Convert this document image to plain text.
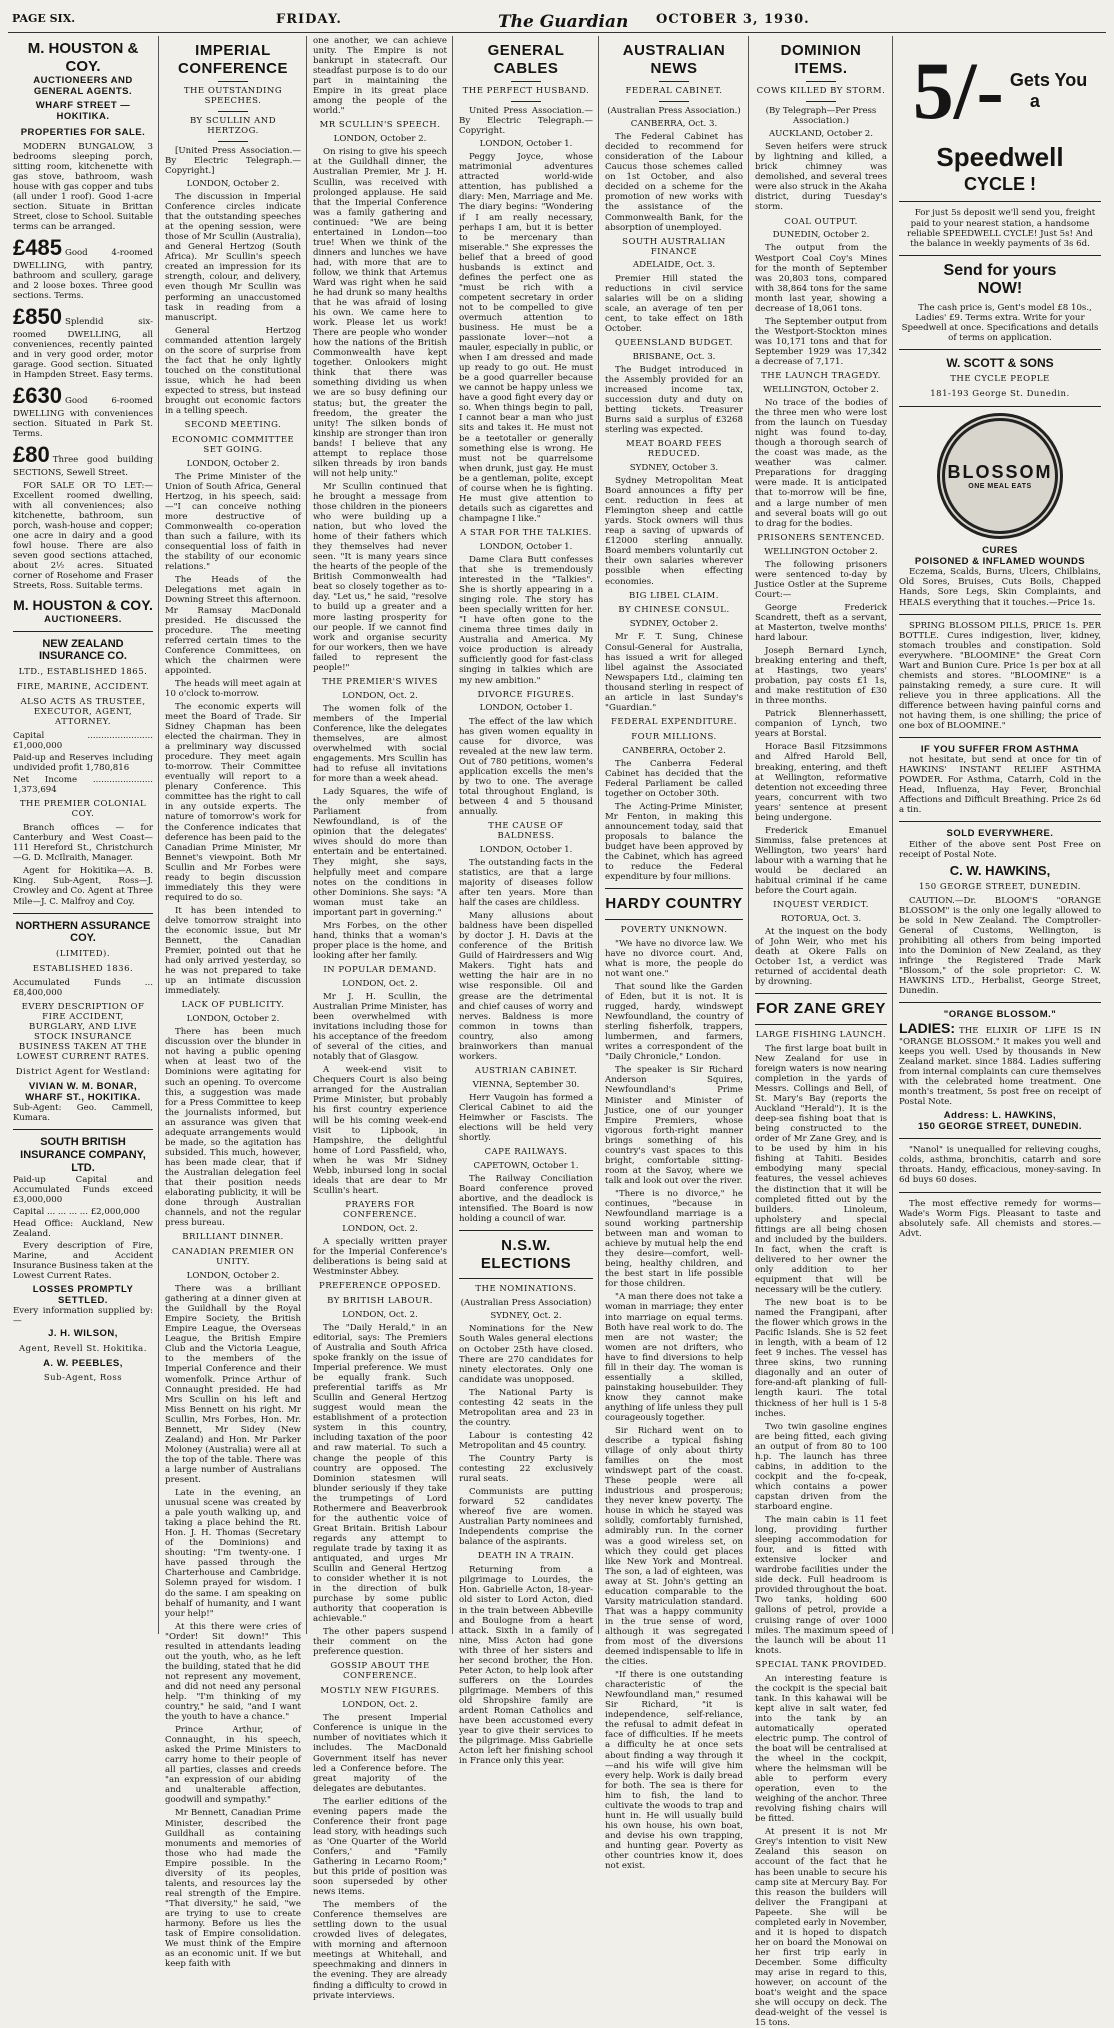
PAGE SIX.	FRIDAY.	The Guardian OCTOBER 3, 1930.
M. HOUSTON & COY.
AUCTIONEERS AND GENERAL AGENTS.
WHARF STREET — HOKITIKA.
PROPERTIES FOR SALE.

MODERN BUNGALOW, 3 bedrooms sleeping porch, sitting room, kitchenette with gas stove, bathroom, wash house with gas copper and tubs (all under 1 roof). Good 1-acre section. Situate in Brittan Street, close to School. Suitable terms can be arranged.

£485 Good 4-roomed DWELLING, with pantry, bathroom and scullery, garage and 2 loose boxes. Three good sections. Terms.

£850 Splendid six-roomed DWELLING, all conveniences, recently painted and in very good order, motor garage. Good section. Situated in Hampden Street. Easy terms.

£630 Good 6-roomed DWELLING with conveniences section. Situated in Park St. Terms.

£80 Three good building SECTIONS, Sewell Street.

FOR SALE OR TO LET:—Excellent roomed dwelling, with all conveniences; also kitchenette, bathroom, sun porch, wash-house and copper; one acre in dairy and a good fowl house. There are also seven good sections attached, about 2½ acres. Situated corner of Rosehome and Fraser Streets, Ross. Suitable terms.

M. HOUSTON & COY.
AUCTIONEERS.
NEW ZEALAND INSURANCE CO.
LTD., ESTABLISHED 1865.
FIRE, MARINE, ACCIDENT.
ALSO ACTS AS TRUSTEE, EXECUTOR, AGENT, ATTORNEY.

Capital ........................ £1,000,000

Paid-up and Reserves including undivided profit 1,780,816

Net Income ...................... 1,373,694

THE PREMIER COLONIAL COY.

Branch offices — for Canterbury and West Coast—111 Hereford St., Christchurch—G. D. McIlraith, Manager.

Agent for Hokitika—A. B. King. Sub-Agent, Ross—J. Crowley and Co. Agent at Three Mile—J. C. Malfroy and Coy.

NORTHERN ASSURANCE COY.
(LIMITED).
ESTABLISHED 1836.

Accumulated Funds ... £8,400,000

EVERY DESCRIPTION OF FIRE ACCIDENT, BURGLARY, AND LIVE STOCK INSURANCE BUSINESS TAKEN AT THE LOWEST CURRENT RATES.
District Agent for Westland:
VIVIAN W. M. BONAR,
WHARF ST., HOKITIKA.

Sub-Agent: Geo. Cammell, Kumara.

SOUTH BRITISH INSURANCE COMPANY, LTD.

Paid-up Capital and Accumulated Funds exceed £3,000,000

Capital ... ... ... ... £2,000,000

Head Office: Auckland, New Zealand.

Every description of Fire, Marine, and Accident Insurance Business taken at the Lowest Current Rates.

LOSSES PROMPTLY SETTLED.

Every information supplied by:—

J. H. WILSON,
Agent, Revell St. Hokitika.
A. W. PEEBLES,
Sub-Agent, Ross
IMPERIAL CONFERENCE
THE OUTSTANDING SPEECHES.
BY SCULLIN AND HERTZOG.

[United Press Association.—By Electric Telegraph.—Copyright.]

LONDON, October 2.

The discussion in Imperial Conference circles indicate that the outstanding speeches at the opening session, were those of Mr Scullin (Australia), and General Hertzog (South Africa). Mr Scullin's speech created an impression for its strength, colour, and delivery, even though Mr Scullin was performing an unaccustomed task in reading from a manuscript.

General Hertzog commanded attention largely on the score of surprise from the fact that he only lightly touched on the constitutional issue, which he had been expected to stress, but instead brought out economic factors in a telling speech.

SECOND MEETING.
ECONOMIC COMMITTEE SET GOING.

LONDON, October 2.

The Prime Minister of the Union of South Africa, General Hertzog, in his speech, said:—"I can conceive nothing more destructive of Commonwealth co-operation than such a failure, with its consequential loss of faith in the stability of our economic relations."

The Heads of the Delegations met again in Downing Street this afternoon. Mr Ramsay MacDonald presided. He discussed the procedure. The meeting referred certain times to the Conference Committees, on which the chairmen were appointed.

The heads will meet again at 10 o'clock to-morrow.

The economic experts will meet the Board of Trade. Sir Sidney Chapman has been elected the chairman. They in a preliminary way discussed procedure. They meet again to-morrow. Their Committee eventually will report to a plenary Conference. This committee has the right to call in any outside experts. The nature of tomorrow's work for the Conference indicates that deference has been paid to the Canadian Prime Minister, Mr Bennet's viewpoint. Both Mr Scullin and Mr Forbes were ready to begin discussion immediately this they were required to do so.

It has been intended to delve tomorrow straight into the economic issue, but Mr Bennett, the Canadian Premier, pointed out that he had only arrived yesterday, so he was not prepared to take up an intimate discussion immediately.

LACK OF PUBLICITY.

LONDON, October 2.

There has been much discussion over the blunder in not having a public opening when at least two of the Dominions were agitating for such an opening. To overcome this, a suggestion was made for a Press Committee to keep the journalists informed, but an assurance was given that adequate arrangements would be made, so the agitation has subsided. This much, however, has been made clear, that if the Australian delegation feel that their position needs elaborating publicity, it will be done through Australian channels, and not the regular press bureau.

BRILLIANT DINNER.
CANADIAN PREMIER ON UNITY.

LONDON, October 2.

There was a brilliant gathering at a dinner given at the Guildhall by the Royal Empire Society, the British Empire League, the Overseas League, the British Empire Club and the Victoria League, to the members of the Imperial Conference and their womenfolk. Prince Arthur of Connaught presided. He had Mrs Scullin on his left and Miss Bennett on his right. Mr Scullin, Mrs Forbes, Hon. Mr. Bennett, Mr Sidey (New Zealand) and Hon. Mr Parker Moloney (Australia) were all at the top of the table. There was a large number of Australians present.

Late in the evening, an unusual scene was created by a pale youth walking up, and taking a place behind the Rt. Hon. J. H. Thomas (Secretary of the Dominions) and shouting: "I'm twenty-one. I have passed through the Charterhouse and Cambridge. Solemn prayed for wisdom. I do the same. I am speaking on behalf of humanity, and I want your help!"

At this there were cries of "Order! Sit down!" This resulted in attendants leading out the youth, who, as he left the building, stated that he did not represent any movement, and did not need any personal help. "I'm thinking of my country," he said, "and I want the youth to have a chance."

Prince Arthur, of Connaught, in his speech, asked the Prime Ministers to carry home to their people of all parties, classes and creeds "an expression of our abiding and unalterable affection, goodwill and sympathy."

Mr Bennett, Canadian Prime Minister, described the Guildhall as containing monuments and memories of those who had made the Empire possible. In the diversity of its peoples, talents, and resources lay the real strength of the Empire. "That diversity," he said, "we are trying to use to create harmony. Before us lies the task of Empire consolidation. We must think of the Empire as an economic unit. If we but keep faith with

one another, we can achieve unity. The Empire is not bankrupt in statecraft. Our steadfast purpose is to do our part in maintaining the Empire in its great place among the people of the world."

MR SCULLIN'S SPEECH.

LONDON, October 2.

On rising to give his speech at the Guildhall dinner, the Australian Premier, Mr J. H. Scullin, was received with prolonged applause. He said that the Imperial Conference was a family gathering and continued: "We are being entertained in London—too true! When we think of the dinners and lunches we have had, with more that are to follow, we think that Artemus Ward was right when he said he had drunk so many healths that he was afraid of losing his own. We came here to work. Please let us work! There are people who wonder how the nations of the British Commonwealth have kept together. Onlookers might think that there was something dividing us when we are so busy defining our status; but, the greater the freedom, the greater the unity! The silken bonds of kinship are stronger than iron bands! I believe that any attempt to replace those silken threads by iron bands will not help unity."

Mr Scullin continued that he brought a message from those children in the pioneers who were building up a nation, but who loved the home of their fathers which they themselves had never seen. "It is many years since the hearts of the people of the British Commonwealth had beat so closely together as to-day. "Let us," he said, "resolve to build up a greater and a more lasting prosperity for our people. If we cannot find work and organise security for our workers, then we have failed to represent the people!"

THE PREMIER'S WIVES

LONDON, Oct. 2.

The women folk of the members of the Imperial Conference, like the delegates themselves, are almost overwhelmed with social engagements. Mrs Scullin has had to refuse all invitations for more than a week ahead.

Lady Squares, the wife of the only member of Parliament from Newfoundland, is of the opinion that the delegates' wives should do more than entertain and be entertained. They might, she says, helpfully meet and compare notes on the conditions in other Dominions. She says: "A woman must take an important part in governing."

Mrs Forbes, on the other hand, thinks that a woman's proper place is the home, and looking after her family.

IN POPULAR DEMAND.

LONDON, Oct. 2.

Mr J. H. Scullin, the Australian Prime Minister, has been overwhelmed with invitations including those for his acceptance of the freedom of several of the cities, and notably that of Glasgow.

A week-end visit to Chequers Court is also being arranged for the Australian Prime Minister, but probably his first country experience will be his coming week-end visit to Lipbook, in Hampshire, the delightful home of Lord Passfield, who, when he was Mr Sidney Webb, inbursed long in social ideals that are dear to Mr Scullin's heart.

PRAYERS FOR CONFERENCE.

LONDON, Oct. 2.

A specially written prayer for the Imperial Conference's deliberations is being said at Westminster Abbey.

PREFERENCE OPPOSED.
BY BRITISH LABOUR.

LONDON, Oct. 2.

The "Daily Herald," in an editorial, says: The Premiers of Australia and South Africa spoke frankly on the issue of Imperial preference. We must be equally frank. Such preferential tariffs as Mr Scullin and General Hertzog suggest would mean the establishment of a protection system in this country, including taxation of the poor and raw material. To such a change the people of this country are opposed. The Dominion statesmen will blunder seriously if they take the trumpetings of Lord Rothermere and Beaverbrook for the authentic voice of Great Britain. British Labour regards any attempt to regulate trade by taxing it as antiquated, and urges Mr Scullin and General Hertzog to consider whether it is not in the direction of bulk purchase by some public authority that cooperation is achievable."

The other papers suspend their comment on the preference question.

GOSSIP ABOUT THE CONFERENCE.
MOSTLY NEW FIGURES.

LONDON, Oct. 2.

The present Imperial Conference is unique in the number of novitiates which it includes. The MacDonald Government itself has never led a Conference before. The great majority of the delegates are debutantes.

The earlier editions of the evening papers made the Conference their front page lead story, with headings such as 'One Quarter of the World Confers,' and "Family Gathering in Lecarno Room;" but this pride of position was soon superseded by other news items.

The members of the Conference themselves are settling down to the usual crowded lives of delegates, with morning and afternoon meetings at Whitehall, and speechmaking and dinners in the evening. They are already finding a difficulty to crowd in private interviews.

GENERAL CABLES
THE PERFECT HUSBAND.

United Press Association.—By Electric Telegraph.—Copyright.

LONDON, October 1.

Peggy Joyce, whose matrimonial adventures attracted world-wide attention, has published a diary: Men, Marriage and Me. The diary begins: "Wondering if I am really necessary, perhaps I am, but it is better to be mercenary than miserable." She expresses the belief that a breed of good husbands is extinct and defines the perfect one as "must be rich with a competent secretary in order not to be compelled to give overmuch attention to business. He must be a passionate lover—not a mauler, especially in public, or when I am dressed and made up ready to go out. He must be a good quarreller because we cannot be happy unless we have a good fight every day or so. When things begin to pall, I cannot bear a man who just sits and takes it. He must not be a teetotaller or generally something else is wrong. He must not be quarrelsome when drunk, just gay. He must be a gentleman, polite, except of course when he is fighting. He must give attention to details such as cigarettes and champagne I like."

A STAR FOR THE TALKIES.

LONDON, October 1.

Dame Clara Butt confesses that she is tremendously interested in the "Talkies". She is shortly appearing in a singing role. The story has been specially written for her. "I have often gone to the cinema three times daily in Australia and America. My voice production is already sufficiently good for fast-class singing in talkies which are my new ambition."

DIVORCE FIGURES.

LONDON, October 1.

The effect of the law which has given women equality in cause for divorce, was revealed at the new law term. Out of 780 petitions, women's application excells the men's by two to one. The average total throughout England, is between 4 and 5 thousand annually.

THE CAUSE OF BALDNESS.

LONDON, October 1.

The outstanding facts in the statistics, are that a large majority of diseases follow after ten years. More than half the cases are childless.

Many allusions about baldness have been dispelled by doctor J. H. Davis at the conference of the British Guild of Hairdressers and Wig Makers. Tight hats and wetting the hair are in no wise responsible. Oil and grease are the detrimental and chief causes of worry and nerves. Baldness is more common in towns than country, also among brainworkers than manual workers.

AUSTRIAN CABINET.

VIENNA, September 30.

Herr Vaugoin has formed a Clerical Cabinet to aid the Heimwher or Fascists. The elections will be held very shortly.

CAPE RAILWAYS.

CAPETOWN, October 1.

The Railway Conciliation Board conference proved abortive, and the deadlock is intensified. The Board is now holding a council of war.

N.S.W. ELECTIONS
THE NOMINATIONS.

(Australian Press Association)

SYDNEY, Oct. 2.

Nominations for the New South Wales general elections on October 25th have closed. There are 270 candidates for ninety electorates. Only one candidate was unopposed.

The National Party is contesting 42 seats in the Metropolitan area and 23 in the country.

Labour is contesting 42 Metropolitan and 45 country.

The Country Party is contesting 22 exclusively rural seats.

Communists are putting forward 52 candidates whereof five are women. Australian Party nominees and Independents comprise the balance of the aspirants.

DEATH IN A TRAIN.

Returning from a pilgrimage to Lourdes, the Hon. Gabrielle Acton, 18-year-old sister to Lord Acton, died in the train between Abbeville and Boulogne from a heart attack. Sixth in a family of nine, Miss Acton had gone with three of her sisters and her second brother, the Hon. Peter Acton, to help look after sufferers on the Lourdes pilgrimage. Members of this old Shropshire family are ardent Roman Catholics and have been accustomed every year to give their services to the pilgrimage. Miss Gabrielle Acton left her finishing school in France only this year.

AUSTRALIAN NEWS
FEDERAL CABINET.

(Australian Press Association.)

CANBERRA, Oct. 3.

The Federal Cabinet has decided to recommend for consideration of the Labour Caucus those schemes called on 1st October, and also decided on a scheme for the promotion of new works with the assistance of the Commonwealth Bank, for the absorption of unemployed.

SOUTH AUSTRALIAN FINANCE

ADELAIDE, Oct. 3.

Premier Hill stated the reductions in civil service salaries will be on a sliding scale, an average of ten per cent, to take effect on 18th October.

QUEENSLAND BUDGET.

BRISBANE, Oct. 3.

The Budget introduced in the Assembly provided for an increased income tax, succession duty and duty on betting tickets. Treasurer Burns said a surplus of £3268 sterling was expected.

MEAT BOARD FEES REDUCED.

SYDNEY, October 3.

Sydney Metropolitan Meat Board announces a fifty per cent. reduction in fees at Flemington sheep and cattle yards. Stock owners will thus reap a saving of upwards of £12000 sterling annually. Board members voluntarily cut their own salaries wherever possible when effecting economies.

BIG LIBEL CLAIM.
BY CHINESE CONSUL.

SYDNEY, October 2.

Mr F. T. Sung, Chinese Consul-General for Australia, has issued a writ for alleged libel against the Associated Newspapers Ltd., claiming ten thousand sterling in respect of an article in last Sunday's "Guardian."

FEDERAL EXPENDITURE.
FOUR MILLIONS.

CANBERRA, October 2.

The Canberra Federal Cabinet has decided that the Federal Parliament be called together on October 30th.

The Acting-Prime Minister, Mr Fenton, in making this announcement today, said that proposals to balance the budget have been approved by the Cabinet, which has agreed to reduce the Federal expenditure by four millions.

HARDY COUNTRY
POVERTY UNKNOWN.

"We have no divorce law. We have no divorce court. And, what is more, the people do not want one."

That sound like the Garden of Eden, but it is not. It is rugged, hardy, windswept Newfoundland, the country of sterling fisherfolk, trappers, lumbermen, and farmers, writes a correspondent of the "Daily Chronicle," London.

The speaker is Sir Richard Anderson Squires, Newfoundland's Prime Minister and Minister of Justice, one of our younger Empire Premiers, whose vigorous forth-right manner brings something of his country's vast spaces to this bright, comfortable sitting-room at the Savoy, where we talk and look out over the river.

"There is no divorce," he continues, "because in Newfoundland marriage is a sound working partnership between man and woman to achieve by mutual help the end they desire—comfort, well-being, healthy children, and the best start in life possible for those children.

"A man there does not take a woman in marriage; they enter into marriage on equal terms. Both have real work to do. The men are not waster; the women are not drifters, who have to find diversions to help fill in their day. The woman is essentially a skilled, painstaking housebuilder. They know they cannot make anything of life unless they pull courageously together.

Sir Richard went on to describe a typical fishing village of only about thirty families on the most windswept part of the coast. These people were all industrious and prosperous; they never knew poverty. The house in which he stayed was solidly, comfortably furnished, admirably run. In the corner was a good wireless set, on which they could get places like New York and Montreal. The son, a lad of eighteen, was away at St. John's getting an education comparable to the Varsity matriculation standard. That was a happy community in the true sense of word, although it was segregated from most of the diversions deemed indispensable to life in the cities.

"If there is one outstanding characteristic of the Newfoundland man," resumed Sir Richard, "it is independence, self-reliance, the refusal to admit defeat in face of difficulties. If he meets a difficulty he at once sets about finding a way through it—and his wife will give him every help. Work is daily bread for both. The sea is there for him to fish, the land to cultivate the woods to trap and hunt in. He will usually build his own house, his own boat, and devise his own trapping, and hunting gear. Poverty as other countries know it, does not exist.

DOMINION ITEMS.
COWS KILLED BY STORM.

(By Telegraph—Per Press Association.)

AUCKLAND, October 2.

Seven heifers were struck by lightning and killed, a brick chimney was demolished, and several trees were also struck in the Akaha district, during Tuesday's storm.

COAL OUTPUT.

DUNEDIN, October 2.

The output from the Westport Coal Coy's Mines for the month of September was 20,803 tons, compared with 38,864 tons for the same month last year, showing a decrease of 18,061 tons.

The September output from the Westport-Stockton mines was 10,171 tons and that for September 1929 was 17,342 a decrease of 7,171.

THE LAUNCH TRAGEDY.

WELLINGTON, October 2.

No trace of the bodies of the three men who were lost from the launch on Tuesday night was found to-day, though a thorough search of the coast was made, as the weather was calmer. Preparations for dragging were made. It is anticipated that to-morrow will be fine, and a large number of men and several boats will go out to drag for the bodies.

PRISONERS SENTENCED.

WELLINGTON October 2.

The following prisoners were sentenced to-day by Justice Ostler at the Supreme Court:—

George Frederick Scandrett, theft as a servant, at Masterton, twelve months' hard labour.

Joseph Bernard Lynch, breaking entering and theft, at Hastings, two years' probation, pay costs £1 1s, and make restitution of £30 in three months.

Patrick Blennerhassett, companion of Lynch, two years at Borstal.

Horace Basil Fitzsimmons and Alfred Harold Bell, breaking, entering, and theft at Wellington, reformative detention not exceeding three years, concurrent with two years' sentence at present being undergone.

Frederick Emanuel Simmiss, false pretences at Wellington, two years' hard labour with a warning that he would be declared an habitual criminal if he came before the Court again.

INQUEST VERDICT.

ROTORUA, Oct. 3.

At the inquest on the body of John Weir, who met his death at Okere Falls on October 1st, a verdict was returned of accidental death by drowning.

FOR ZANE GREY
LARGE FISHING LAUNCH.

The first large boat built in New Zealand for use in foreign waters is now nearing completion in the yards of Messrs. Collings and Bell, of St. Mary's Bay (reports the Auckland "Herald"). It is the deep-sea fishing boat that is being constructed to the order of Mr Zane Grey, and is to be used by him in his fishing at Tahiti. Besides embodying many special features, the vessel achieves the distinction that it will be completed fitted out by the builders. Linoleum, upholstery and special fittings are all being chosen and included by the builders. In fact, when the craft is delivered to her owner the only addition to her equipment that will be necessary will be the cutlery.

The new boat is to be named the Frangipani, after the flower which grows in the Pacific Islands. She is 52 feet in length, with a beam of 12 feet 9 inches. The vessel has three skins, two running diagonally and an outer of fore-and-aft planking of full-length kauri. The total thickness of her hull is 1 5-8 inches.

Two twin gasoline engines are being fitted, each giving an output of from 80 to 100 h.p. The launch has three cabins, in addition to the cockpit and the fo-cpeak, which contains a power capstan driven from the starboard engine.

The main cabin is 11 feet long, providing further sleeping accommodation for four, and is fitted with extensive locker and wardrobe facilities under the side deck. Full headroom is provided throughout the boat. Two tanks, holding 600 gallons of petrol, provide a cruising range of over 1000 miles. The maximum speed of the launch will be about 11 knots.

SPECIAL TANK PROVIDED.

An interesting feature is the cockpit is the special bait tank. In this kahawai will be kept alive in salt water, fed into the tank by an automatically operated electric pump. The control of the boat will be centralised at the wheel in the cockpit, where the helmsman will be able to perform every operation, even to the weighing of the anchor. Three revolving fishing chairs will be fitted.

At present it is not Mr Grey's intention to visit New Zealand this season on account of the fact that he has been unable to secure his camp site at Mercury Bay. For this reason the builders will deliver the Frangipani at Papeete. She will be completed early in November, and it is hoped to dispatch her on board the Monowai on her first trip early in December. Some difficulty may arise in regard to this, however, on account of the boat's weight and the space she will occupy on deck. The dead-weight of the vessel is 15 tons.

5/- Gets You
a
Speedwell
CYCLE !

For just 5s deposit we'll send you, freight paid to your nearest station, a handsome reliable SPEEDWELL CYCLE! Just 5s! And the balance in weekly payments of 3s 6d.

Send for yours
NOW!

The cash price is, Gent's model £8 10s., Ladies' £9. Terms extra. Write for your Speedwell at once. Specifications and details of terms on application.

W. SCOTT & SONS
THE CYCLE PEOPLE
181-193 George St. Dunedin.
BLOSSOM
ONE MEAL EATS
CURES
POISONED & INFLAMED WOUNDS

Eczema, Scalds, Burns, Ulcers, Chilblains, Old Sores, Bruises, Cuts Boils, Chapped Hands, Sore Legs, Skin Complaints, and HEALS everything that it touches.—Price 1s.

SPRING BLOSSOM PILLS, PRICE 1s. PER BOTTLE. Cures indigestion, liver, kidney, stomach troubles and constipation. Sold everywhere. "BLOOMINE" the Great Corn Wart and Bunion Cure. Price 1s per box at all chemists and stores. "BLOOMINE" is a painstaking remedy, a sure cure. It will relieve you in three applications. All the difference between having painful corns and not having them, is one shilling; the price of one box of BLOOMINE."

IF YOU SUFFER FROM ASTHMA

not hesitate, but send at once for tin of HAWKINS' INSTANT RELIEF ASTHMA POWDER. For Asthma, Catarrh, Cold in the Head, Influenza, Hay Fever, Bronchial Affections and Difficult Breathing. Price 2s 6d a tin.

SOLD EVERYWHERE.

Either of the above sent Post Free on receipt of Postal Note.

C. W. HAWKINS,
150 GEORGE STREET, DUNEDIN.

CAUTION.—Dr. BLOOM'S "ORANGE BLOSSOM" is the only one legally allowed to be sold in New Zealand. The Comptroller-General of Customs, Wellington, is prohibiting all others from being imported into the Dominion of New Zealand, as they infringe the Registered Trade Mark "Blossom," of the sole proprietor: C. W. HAWKINS LTD., Herbalist, George Street, Dunedin.

"ORANGE BLOSSOM."

LADIES: THE ELIXIR OF LIFE IS IN "ORANGE BLOSSOM." It makes you well and keeps you well. Used by thousands in New Zealand market. since 1884. Ladies suffering from internal complaints can cure themselves with the celebrated home treatment. One month's treatment, 5s post free on receipt of Postal Note.

Address: L. HAWKINS,
150 GEORGE STREET, DUNEDIN.

"Nanol" is unequalled for relieving coughs, colds, asthma, bronchitis, catarrh and sore throats. Handy, efficacious, money-saving. In 6d buys 60 doses.

The most effective remedy for worms—Wade's Worm Figs. Pleasant to taste and absolutely safe. All chemists and stores.—Advt.
